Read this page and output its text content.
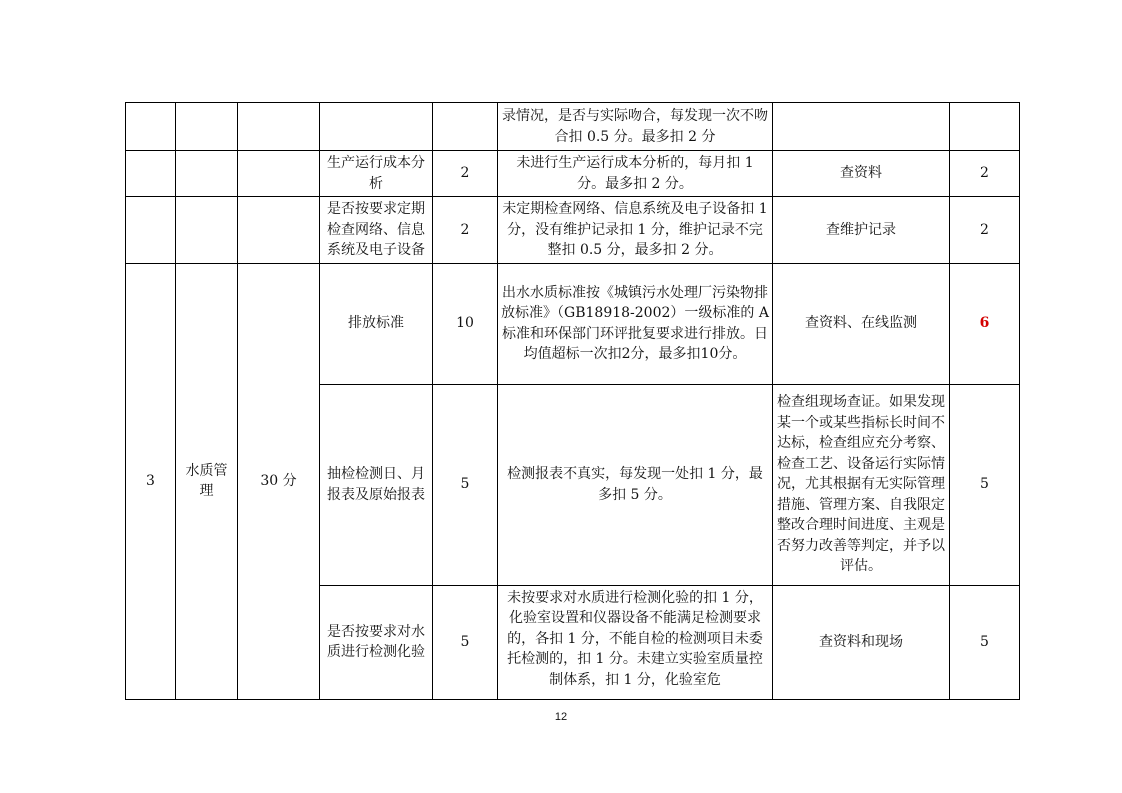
					录情况，是否与实际吻合，每发现一次不吻合扣 0.5 分。最多扣 2 分		
			生产运行成本分析	2	未进行生产运行成本分析的，每月扣 1 分。最多扣 2 分。	查资料	2
			是否按要求定期检查网络、信息系统及电子设备	2	未定期检查网络、信息系统及电子设备扣 1 分，没有维护记录扣 1 分，维护记录不完整扣 0.5 分，最多扣 2 分。	查维护记录	2
3	水质管理	30 分	排放标准	10	出水水质标准按《城镇污水处理厂污染物排放标准》（GB18918-2002）一级标准的 A 标准和环保部门环评批复要求进行排放。日均值超标一次扣2分，最多扣10分。	查资料、在线监测	6
			抽检检测日、月报表及原始报表	5	检测报表不真实，每发现一处扣 1 分，最多扣 5 分。	检查组现场查证。如果发现某一个或某些指标长时间不达标，检查组应充分考察、检查工艺、设备运行实际情况，尤其根据有无实际管理措施、管理方案、自我限定整改合理时间进度、主观是否努力改善等判定，并予以评估。	5
			是否按要求对水质进行检测化验	5	未按要求对水质进行检测化验的扣 1 分，化验室设置和仪器设备不能满足检测要求的，各扣 1 分，不能自检的检测项目未委托检测的，扣 1 分。未建立实验室质量控制体系，扣 1 分，化验室危	查资料和现场	5
12
